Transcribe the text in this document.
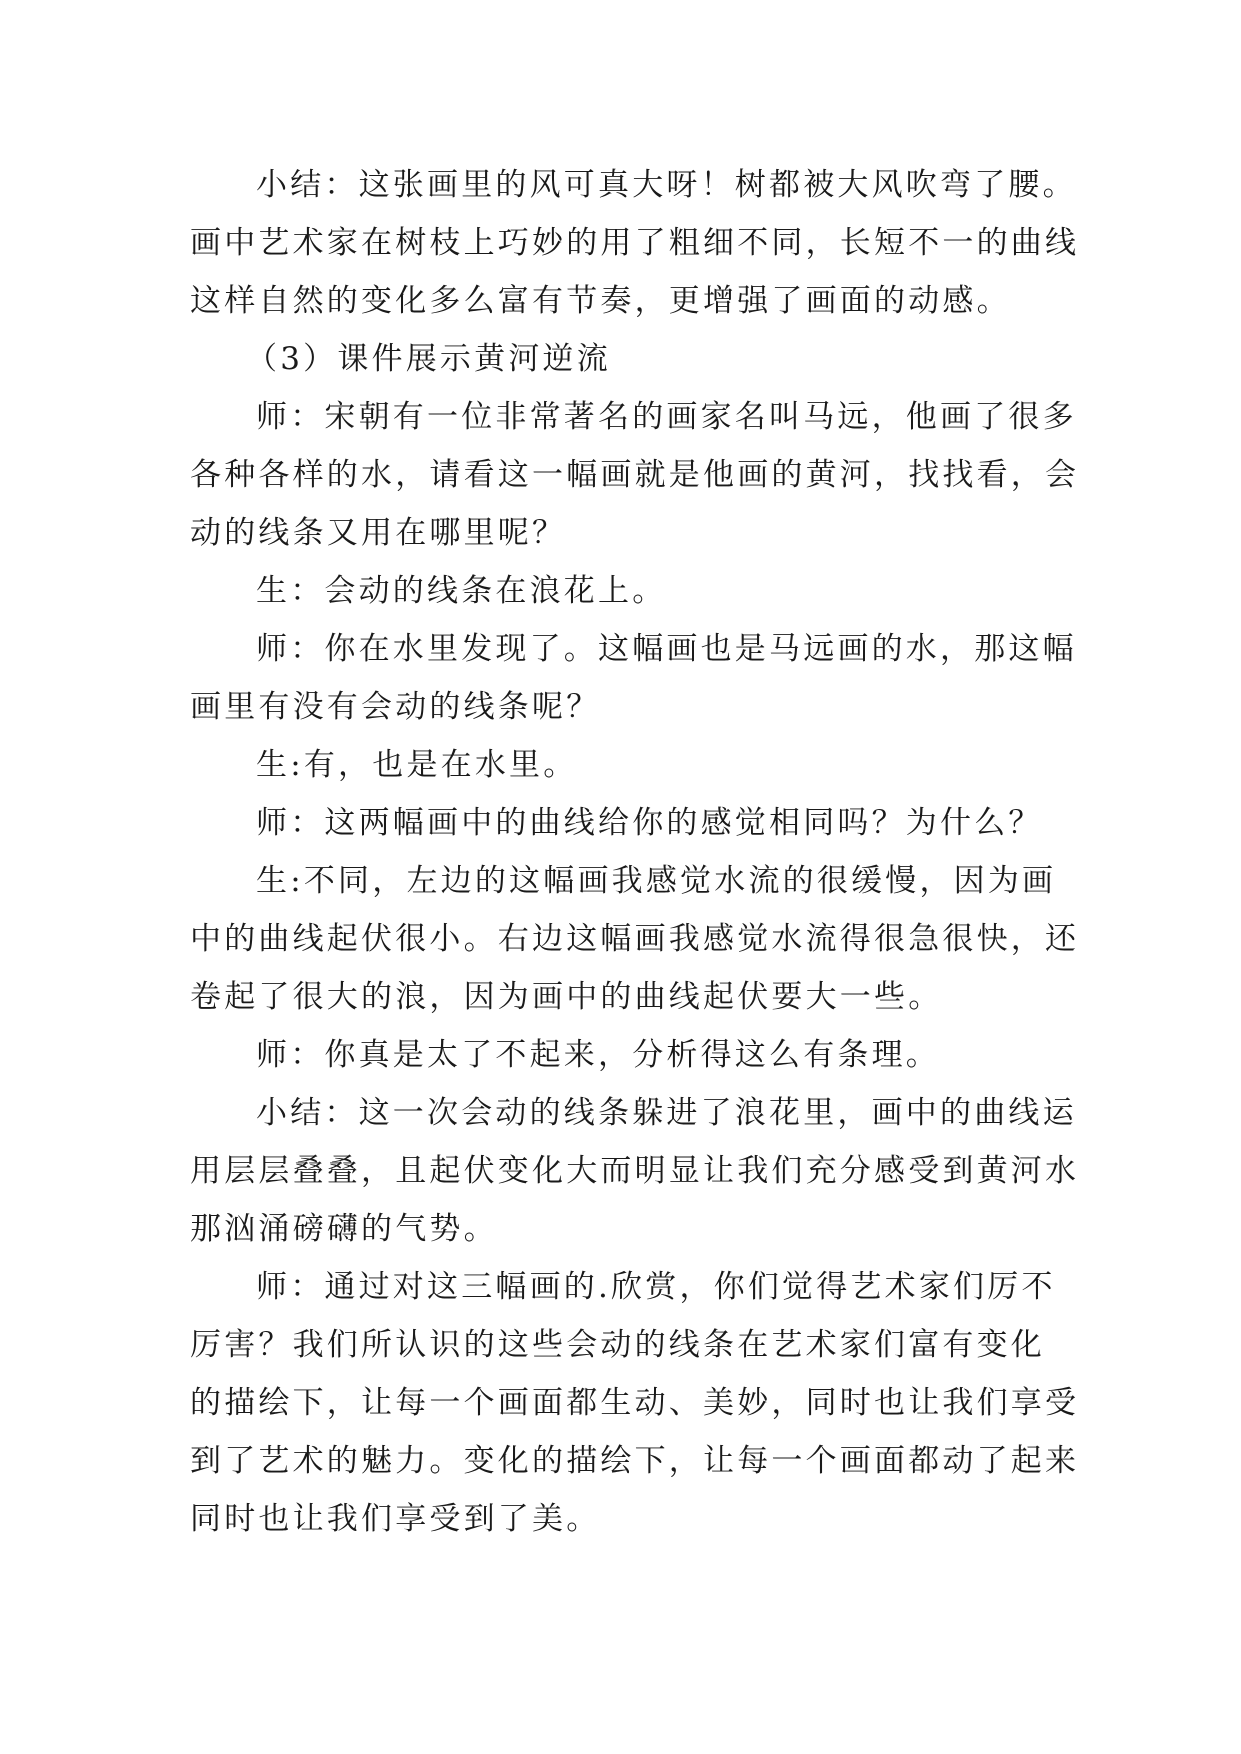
小结：这张画里的风可真大呀！树都被大风吹弯了腰。
画中艺术家在树枝上巧妙的用了粗细不同，长短不一的曲线
这样自然的变化多么富有节奏，更增强了画面的动感。
（3）课件展示黄河逆流
师：宋朝有一位非常著名的画家名叫马远，他画了很多
各种各样的水，请看这一幅画就是他画的黄河，找找看，会
动的线条又用在哪里呢？
生：会动的线条在浪花上。
师：你在水里发现了。这幅画也是马远画的水，那这幅
画里有没有会动的线条呢？
生:有，也是在水里。
师：这两幅画中的曲线给你的感觉相同吗？为什么？
生:不同，左边的这幅画我感觉水流的很缓慢，因为画
中的曲线起伏很小。右边这幅画我感觉水流得很急很快，还
卷起了很大的浪，因为画中的曲线起伏要大一些。
师：你真是太了不起来，分析得这么有条理。
小结：这一次会动的线条躲进了浪花里，画中的曲线运
用层层叠叠，且起伏变化大而明显让我们充分感受到黄河水
那汹涌磅礴的气势。
师：通过对这三幅画的.欣赏，你们觉得艺术家们厉不
厉害？我们所认识的这些会动的线条在艺术家们富有变化
的描绘下，让每一个画面都生动、美妙，同时也让我们享受
到了艺术的魅力。变化的描绘下，让每一个画面都动了起来
同时也让我们享受到了美。
